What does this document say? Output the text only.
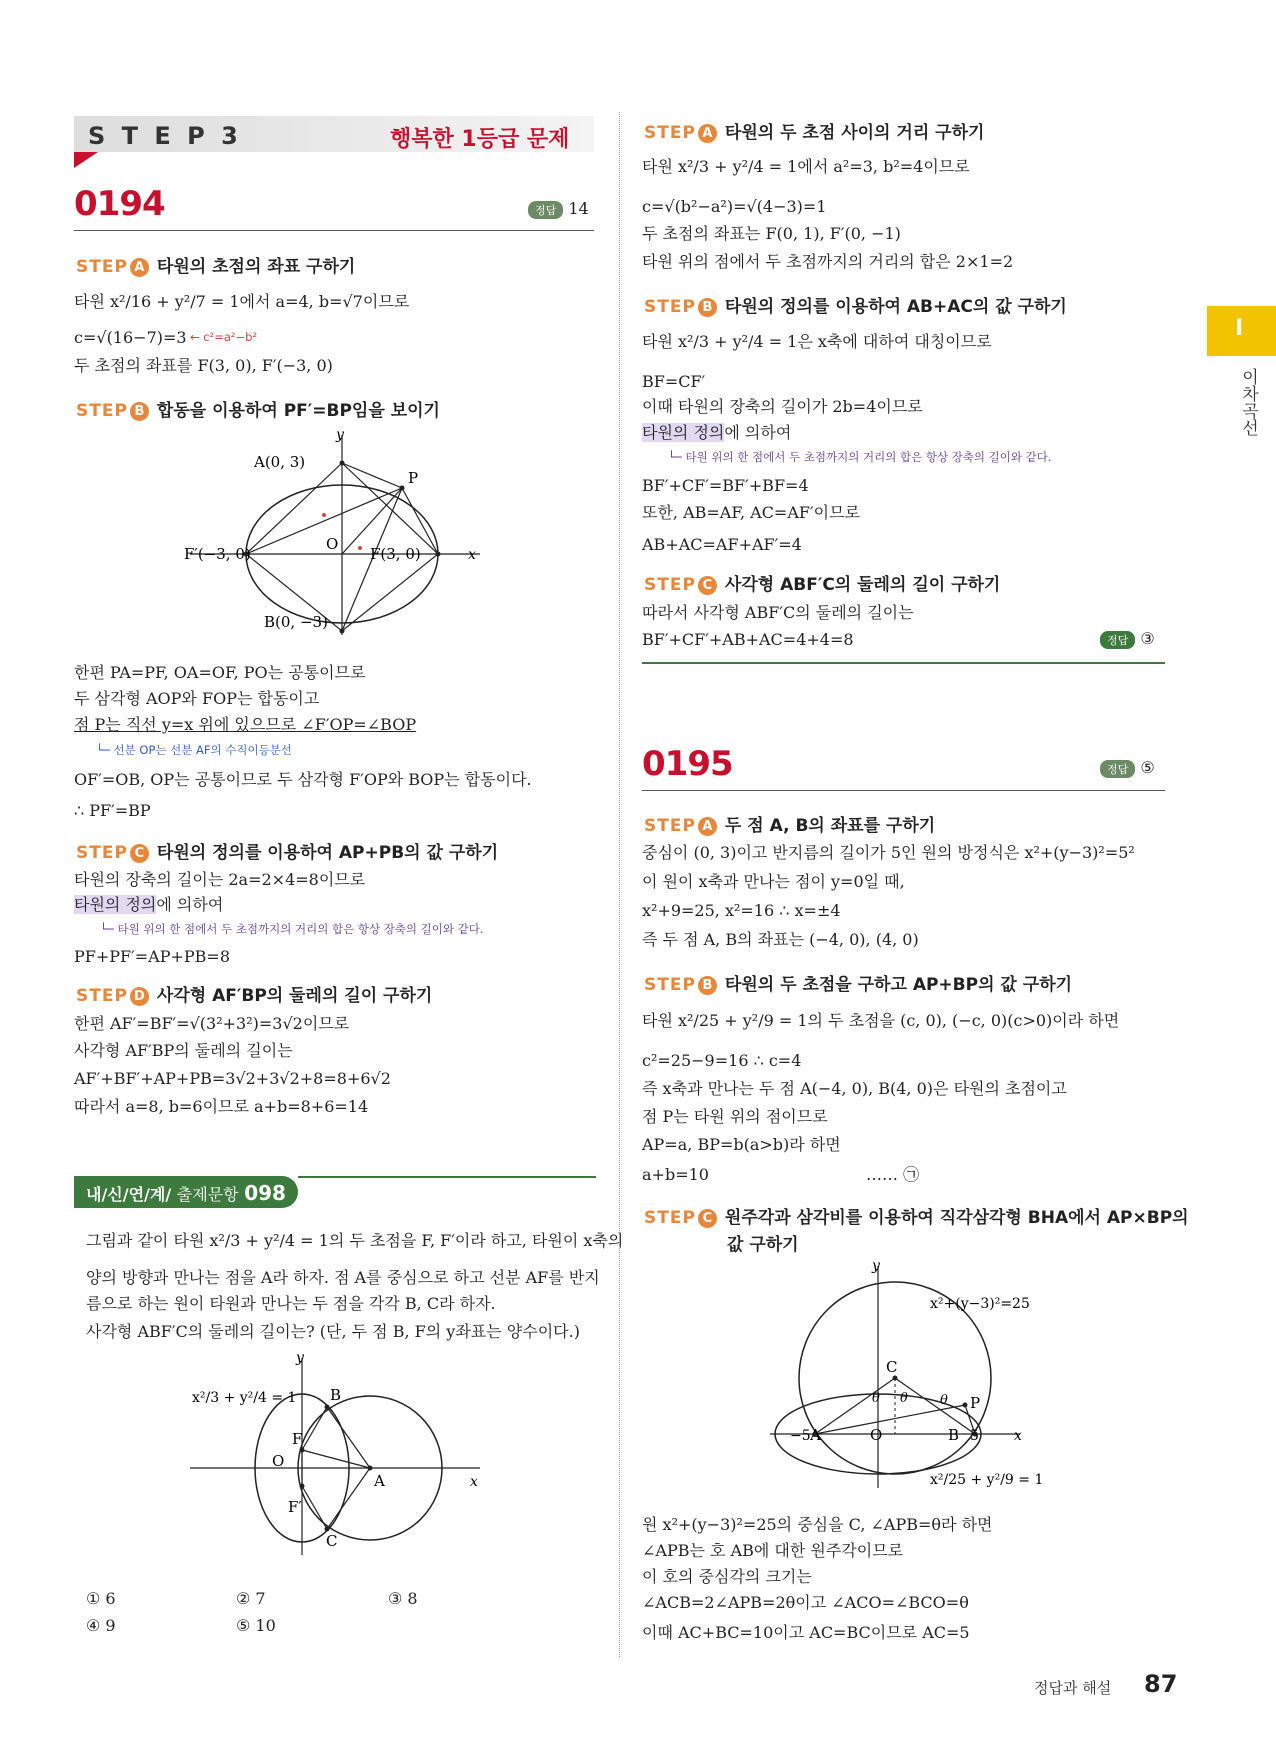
S T E P 3	행복한 1등급 문제
0194	정답 14
STEP A 타원의 초점의 좌표 구하기
타원 x²/16 + y²/7 = 1에서 a=4, b=√7이므로
c=√(16−7)=3 ← c²=a²−b²
두 초점의 좌표를 F(3, 0), F′(−3, 0)
STEP B 합동을 이용하여 PF′=BP임을 보이기
y
A(0, 3)
P
F′(−3, 0)
O
F(3, 0)	x
B(0, −3)
한편 PA=PF, OA=OF, PO는 공통이므로
두 삼각형 AOP와 FOP는 합동이고
점 P는 직선 y=x 위에 있으므로 ∠F′OP=∠BOP
└─ 선분 OP는 선분 AF의 수직이등분선
OF′=OB, OP는 공통이므로 두 삼각형 F′OP와 BOP는 합동이다.
∴ PF′=BP
STEP C 타원의 정의를 이용하여 AP+PB의 값 구하기
타원의 장축의 길이는 2a=2×4=8이므로
타원의 정의에 의하여
└─ 타원 위의 한 점에서 두 초점까지의 거리의 합은 항상 장축의 길이와 같다.
PF+PF′=AP+PB=8
STEP D 사각형 AF′BP의 둘레의 길이 구하기
한편 AF′=BF′=√(3²+3²)=3√2이므로
사각형 AF′BP의 둘레의 길이는
AF′+BF′+AP+PB=3√2+3√2+8=8+6√2
따라서 a=8, b=6이므로 a+b=8+6=14
내/신/연/계/ 출제문항 098
그림과 같이 타원 x²/3 + y²/4 = 1의 두 초점을 F, F′이라 하고, 타원이 x축의
양의 방향과 만나는 점을 A라 하자. 점 A를 중심으로 하고 선분 AF를 반지
름으로 하는 원이 타원과 만나는 두 점을 각각 B, C라 하자.
사각형 ABF′C의 둘레의 길이는? (단, 두 점 B, F의 y좌표는 양수이다.)
y
x²/3 + y²/4 = 1 B
F
O
A
F′
C
x
① 6	② 7	③ 8
④ 9	⑤ 10
STEP A 타원의 두 초점 사이의 거리 구하기
타원 x²/3 + y²/4 = 1에서 a²=3, b²=4이므로
c=√(b²−a²)=√(4−3)=1
두 초점의 좌표는 F(0, 1), F′(0, −1)
타원 위의 점에서 두 초점까지의 거리의 합은 2×1=2
STEP B 타원의 정의를 이용하여 AB+AC의 값 구하기
타원 x²/3 + y²/4 = 1은 x축에 대하여 대칭이므로
BF=CF′
이때 타원의 장축의 길이가 2b=4이므로
타원의 정의에 의하여
└─ 타원 위의 한 점에서 두 초점까지의 거리의 합은 항상 장축의 길이와 같다.
BF′+CF′=BF′+BF=4
또한, AB=AF, AC=AF′이므로
AB+AC=AF+AF′=4
STEP C 사각형 ABF′C의 둘레의 길이 구하기
따라서 사각형 ABF′C의 둘레의 길이는
BF′+CF′+AB+AC=4+4=8	정답 ③
0195	정답 ⑤
STEP A 두 점 A, B의 좌표를 구하기
중심이 (0, 3)이고 반지름의 길이가 5인 원의 방정식은 x²+(y−3)²=5²
이 원이 x축과 만나는 점이 y=0일 때,
x²+9=25, x²=16 ∴ x=±4
즉 두 점 A, B의 좌표는 (−4, 0), (4, 0)
STEP B 타원의 두 초점을 구하고 AP+BP의 값 구하기
타원 x²/25 + y²/9 = 1의 두 초점을 (c, 0), (−c, 0)(c>0)이라 하면
c²=25−9=16 ∴ c=4
즉 x축과 만나는 두 점 A(−4, 0), B(4, 0)은 타원의 초점이고
점 P는 타원 위의 점이므로
AP=a, BP=b(a>b)라 하면
a+b=10	…… ㉠
STEP C 원주각과 삼각비를 이용하여 직각삼각형 BHA에서 AP×BP의
값 구하기
y
x²+(y−3)²=25
C
θ θ θ P
−5 A	O	B 5	x
x²/25 + y²/9 = 1
원 x²+(y−3)²=25의 중심을 C, ∠APB=θ라 하면
∠APB는 호 AB에 대한 원주각이므로
이 호의 중심각의 크기는
∠ACB=2∠APB=2θ이고 ∠ACO=∠BCO=θ
이때 AC+BC=10이고 AC=BC이므로 AC=5
I
이차곡선
정답과 해설 87
